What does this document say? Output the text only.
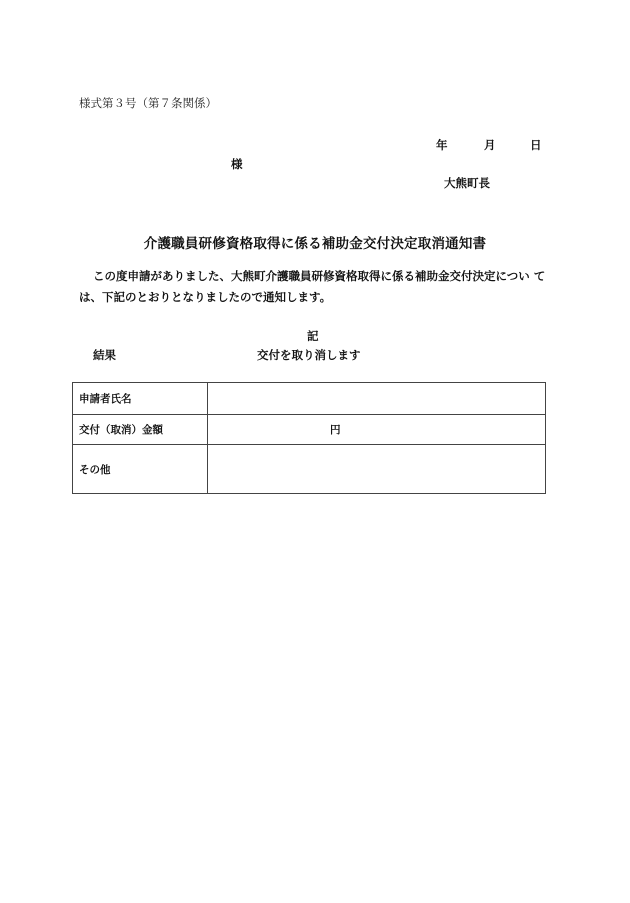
様式第３号（第７条関係）
年	月	日
様
大熊町長
介護職員研修資格取得に係る補助金交付決定取消通知書
この度申請がありました、大熊町介護職員研修資格取得に係る補助金交付決定につい て
は、下記のとおりとなりましたので通知します。
記
結果	交付を取り消します
申請者氏名	
交付（取消）金額	円
その他	
